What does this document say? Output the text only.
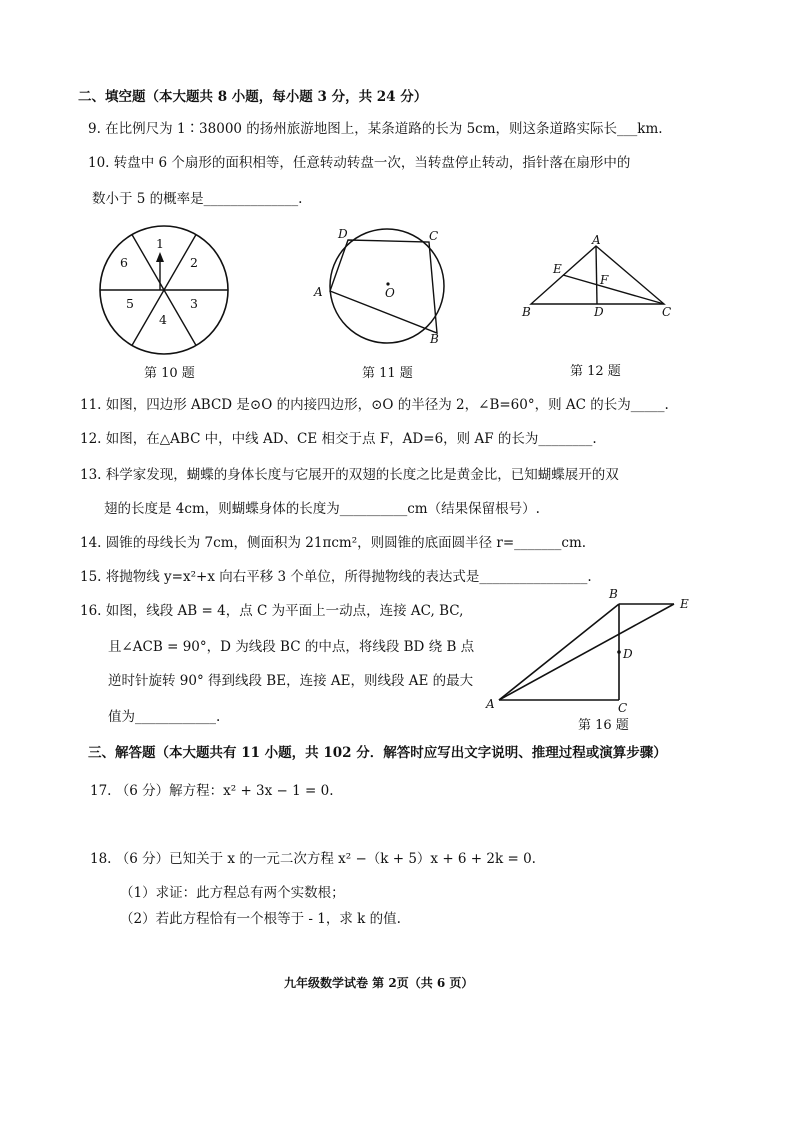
二、填空题（本大题共 8 小题，每小题 3 分，共 24 分）
9. 在比例尺为 1∶38000 的扬州旅游地图上，某条道路的长为 5cm，则这条道路实际长___km.
10. 转盘中 6 个扇形的面积相等，任意转动转盘一次，当转盘停止转动，指针落在扇形中的
数小于 5 的概率是______________.
1
2
3
4
5
6
第 10 题
D	C
A
B
O
第 11 题
A
E
F
B	D	C
第 12 题
11. 如图，四边形 ABCD 是⊙O 的内接四边形，⊙O 的半径为 2，∠B=60°，则 AC 的长为_____.
12. 如图，在△ABC 中，中线 AD、CE 相交于点 F，AD=6，则 AF 的长为________.
13. 科学家发现，蝴蝶的身体长度与它展开的双翅的长度之比是黄金比，已知蝴蝶展开的双
翅的长度是 4cm，则蝴蝶身体的长度为__________cm（结果保留根号）.
14. 圆锥的母线长为 7cm，侧面积为 21πcm²，则圆锥的底面圆半径 r=_______cm.
15. 将抛物线 y=x²+x 向右平移 3 个单位，所得抛物线的表达式是________________.
16. 如图，线段 AB = 4，点 C 为平面上一动点，连接 AC, BC,
且∠ACB = 90°，D 为线段 BC 的中点，将线段 BD 绕 B 点
逆时针旋转 90° 得到线段 BE，连接 AE，则线段 AE 的最大
值为____________.
B
E
D
A	C
第 16 题
三、解答题（本大题共有 11 小题，共 102 分．解答时应写出文字说明、推理过程或演算步骤）
17. （6 分）解方程：x² + 3x − 1 = 0.
18. （6 分）已知关于 x 的一元二次方程 x² −（k + 5）x + 6 + 2k = 0.
（1）求证：此方程总有两个实数根；
（2）若此方程恰有一个根等于 - 1，求 k 的值.
九年级数学试卷 第 2页（共 6 页）
